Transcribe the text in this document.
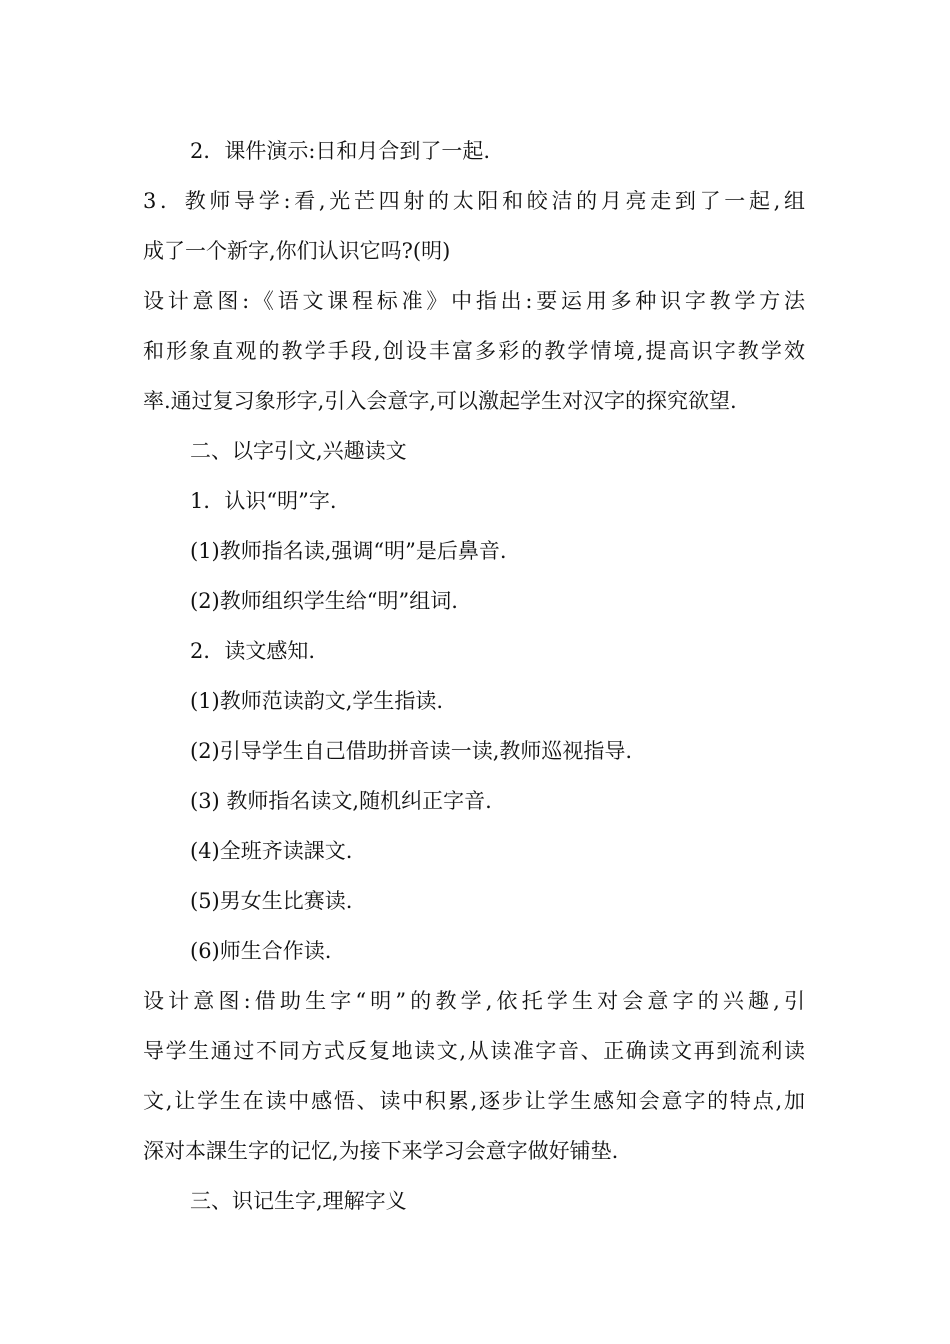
2．课件演示:日和月合到了一起.
3．教师导学:看,光芒四射的太阳和皎洁的月亮走到了一起,组
成了一个新字,你们认识它吗?(明)
设计意图:《语文课程标准》中指出:要运用多种识字教学方法
和形象直观的教学手段,创设丰富多彩的教学情境,提高识字教学效
率.通过复习象形字,引入会意字,可以激起学生对汉字的探究欲望.
二、以字引文,兴趣读文
1．认识“明”字.
(1)教师指名读,强调“明”是后鼻音.
(2)教师组织学生给“明”组词.
2．读文感知.
(1)教师范读韵文,学生指读.
(2)引导学生自己借助拼音读一读,教师巡视指导.
(3) 教师指名读文,随机纠正字音.
(4)全班齐读課文.
(5)男女生比赛读.
(6)师生合作读.
设计意图:借助生字“明”的教学,依托学生对会意字的兴趣,引
导学生通过不同方式反复地读文,从读准字音、正确读文再到流利读
文,让学生在读中感悟、读中积累,逐步让学生感知会意字的特点,加
深对本課生字的记忆,为接下来学习会意字做好铺垫.
三、识记生字,理解字义
